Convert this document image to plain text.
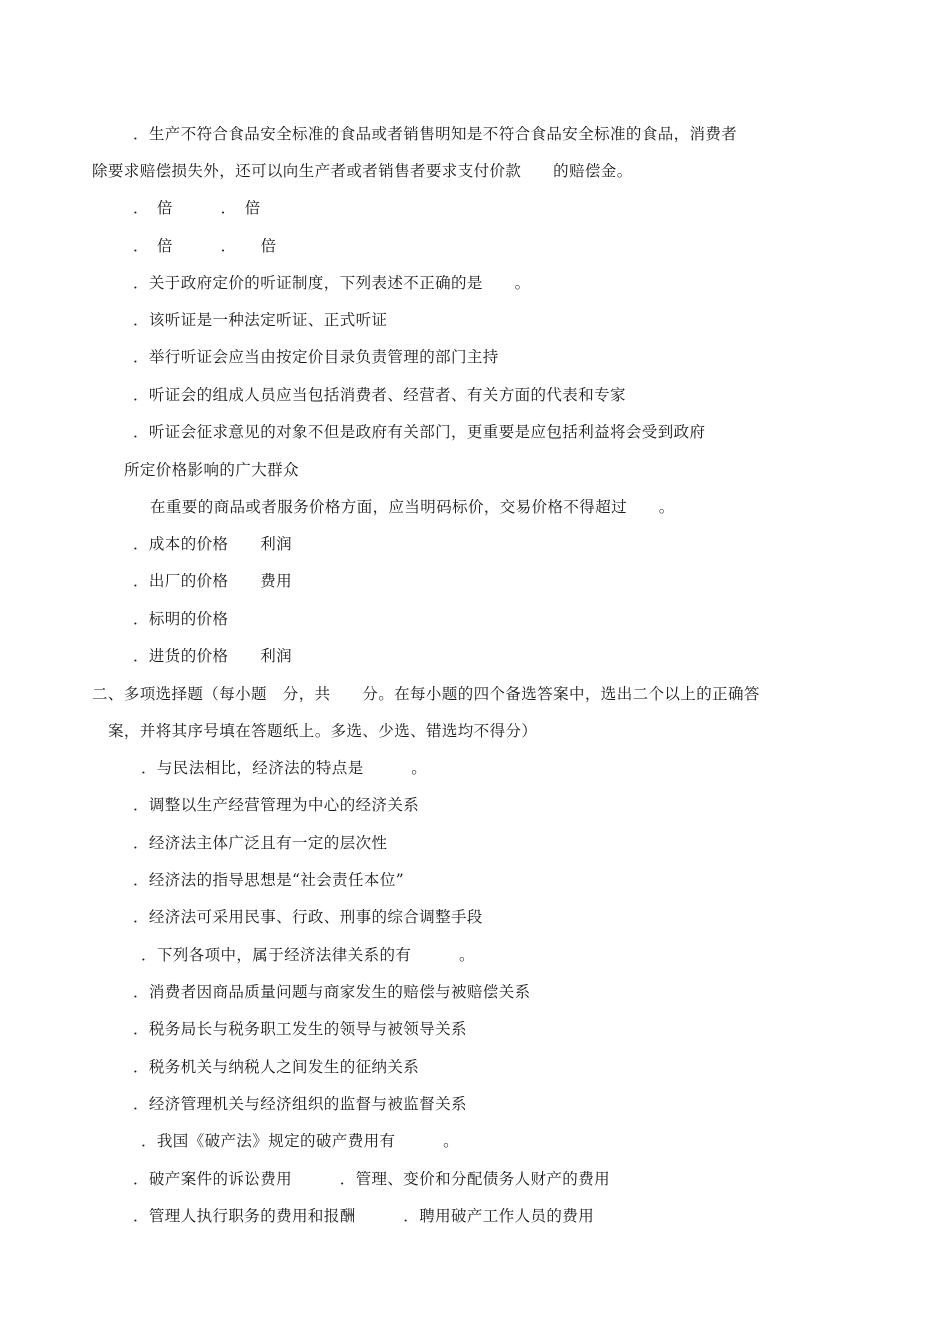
．生产不符合食品安全标准的食品或者销售明知是不符合食品安全标准的食品，消费者
除要求赔偿损失外，还可以向生产者或者销售者要求支付价款　　的赔偿金。
．　倍　　　．　倍
．　倍　　　．　　倍
．关于政府定价的听证制度，下列表述不正确的是　　。
．该听证是一种法定听证、正式听证
．举行听证会应当由按定价目录负责管理的部门主持
．听证会的组成人员应当包括消费者、经营者、有关方面的代表和专家
．听证会征求意见的对象不但是政府有关部门，更重要是应包括利益将会受到政府
所定价格影响的广大群众
在重要的商品或者服务价格方面，应当明码标价，交易价格不得超过　　。
．成本的价格　　利润
．出厂的价格　　费用
．标明的价格
．进货的价格　　利润
二、多项选择题（每小题　分，共　　分。在每小题的四个备选答案中，选出二个以上的正确答
案，并将其序号填在答题纸上。多选、少选、错选均不得分）
．与民法相比，经济法的特点是　　　。
．调整以生产经营管理为中心的经济关系
．经济法主体广泛且有一定的层次性
．经济法的指导思想是“社会责任本位”
．经济法可采用民事、行政、刑事的综合调整手段
．下列各项中，属于经济法律关系的有　　　。
．消费者因商品质量问题与商家发生的赔偿与被赔偿关系
．税务局长与税务职工发生的领导与被领导关系
．税务机关与纳税人之间发生的征纳关系
．经济管理机关与经济组织的监督与被监督关系
．我国《破产法》规定的破产费用有　　　。
．破产案件的诉讼费用　　　．管理、变价和分配债务人财产的费用
．管理人执行职务的费用和报酬　　　．聘用破产工作人员的费用
